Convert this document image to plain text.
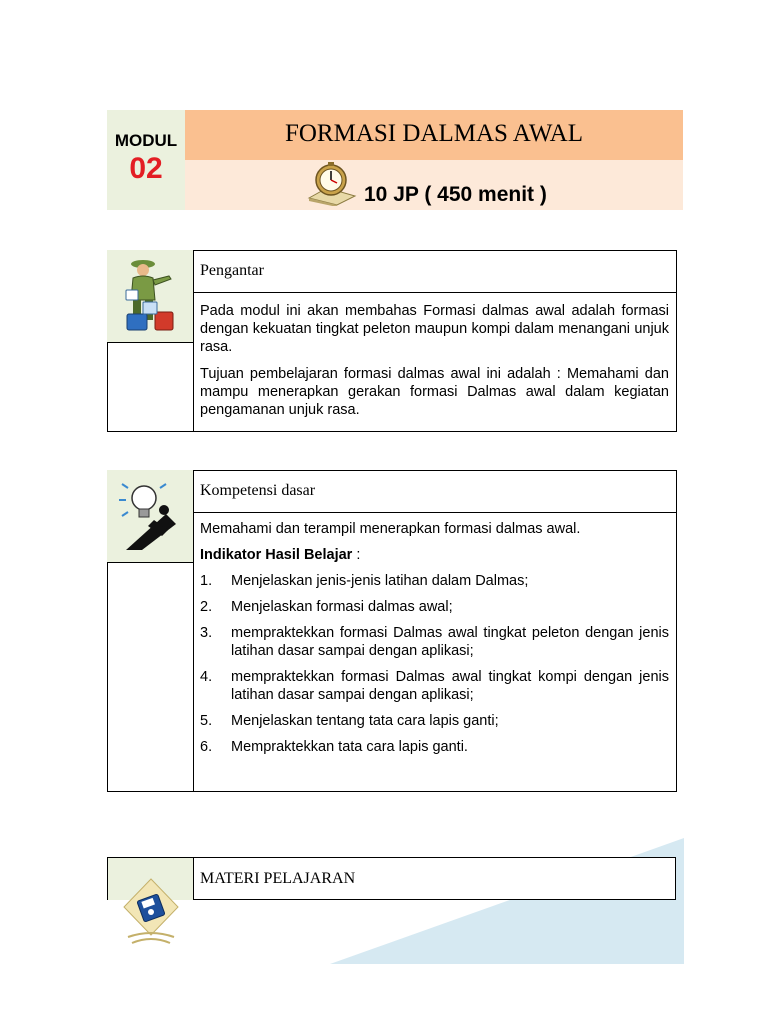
MODUL
02
FORMASI DALMAS AWAL
10 JP ( 450 menit )
Pengantar

Pada modul ini akan membahas Formasi dalmas awal adalah formasi dengan kekuatan tingkat peleton maupun kompi dalam menangani unjuk rasa.

Tujuan pembelajaran formasi dalmas awal ini adalah : Memahami dan mampu menerapkan gerakan formasi Dalmas awal dalam kegiatan pengamanan unjuk rasa.

Kompetensi dasar
Memahami dan terampil menerapkan formasi dalmas awal.
Indikator Hasil Belajar :
1. Menjelaskan jenis-jenis latihan dalam Dalmas;
2. Menjelaskan formasi dalmas awal;
3. mempraktekkan formasi Dalmas awal tingkat peleton dengan jenis latihan dasar sampai dengan aplikasi;
4. mempraktekkan formasi Dalmas awal tingkat kompi dengan jenis latihan dasar sampai dengan aplikasi;
5. Menjelaskan tentang tata cara lapis ganti;
6. Mempraktekkan tata cara lapis ganti.
MATERI PELAJARAN
